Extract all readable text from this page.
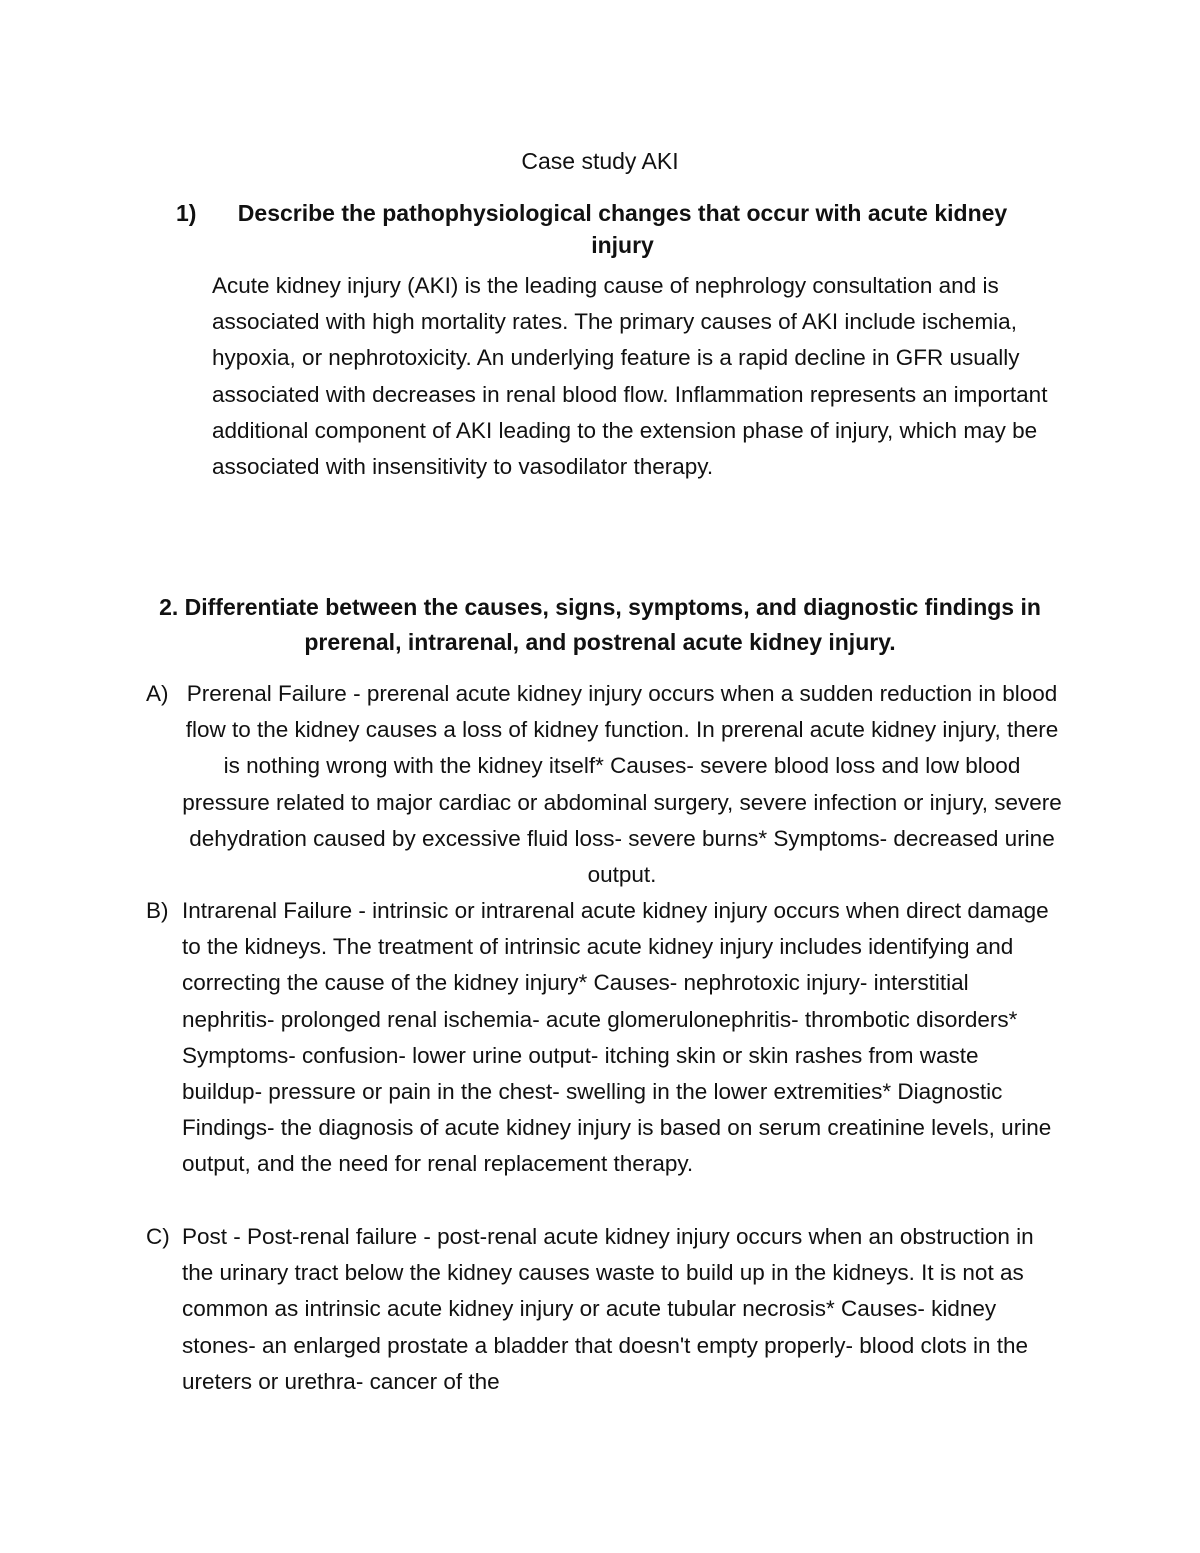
Case study AKI
1)	Describe the pathophysiological changes that occur with acute kidney injury
Acute kidney injury (AKI) is the leading cause of nephrology consultation and is associated with high mortality rates. The primary causes of AKI include ischemia, hypoxia, or nephrotoxicity. An underlying feature is a rapid decline in GFR usually associated with decreases in renal blood flow. Inflammation represents an important additional component of AKI leading to the extension phase of injury, which may be associated with insensitivity to vasodilator therapy.
2. Differentiate between the causes, signs, symptoms, and diagnostic findings in prerenal, intrarenal, and postrenal acute kidney injury.
A) Prerenal Failure - prerenal acute kidney injury occurs when a sudden reduction in blood flow to the kidney causes a loss of kidney function. In prerenal acute kidney injury, there is nothing wrong with the kidney itself* Causes- severe blood loss and low blood pressure related to major cardiac or abdominal surgery, severe infection or injury, severe dehydration caused by excessive fluid loss- severe burns* Symptoms- decreased urine output.
B) Intrarenal Failure - intrinsic or intrarenal acute kidney injury occurs when direct damage to the kidneys. The treatment of intrinsic acute kidney injury includes identifying and correcting the cause of the kidney injury* Causes- nephrotoxic injury- interstitial nephritis- prolonged renal ischemia- acute glomerulonephritis- thrombotic disorders* Symptoms- confusion- lower urine output- itching skin or skin rashes from waste buildup- pressure or pain in the chest- swelling in the lower extremities* Diagnostic Findings- the diagnosis of acute kidney injury is based on serum creatinine levels, urine output, and the need for renal replacement therapy.
C) Post - Post-renal failure - post-renal acute kidney injury occurs when an obstruction in the urinary tract below the kidney causes waste to build up in the kidneys. It is not as common as intrinsic acute kidney injury or acute tubular necrosis* Causes- kidney stones- an enlarged prostate a bladder that doesn't empty properly- blood clots in the ureters or urethra- cancer of the
